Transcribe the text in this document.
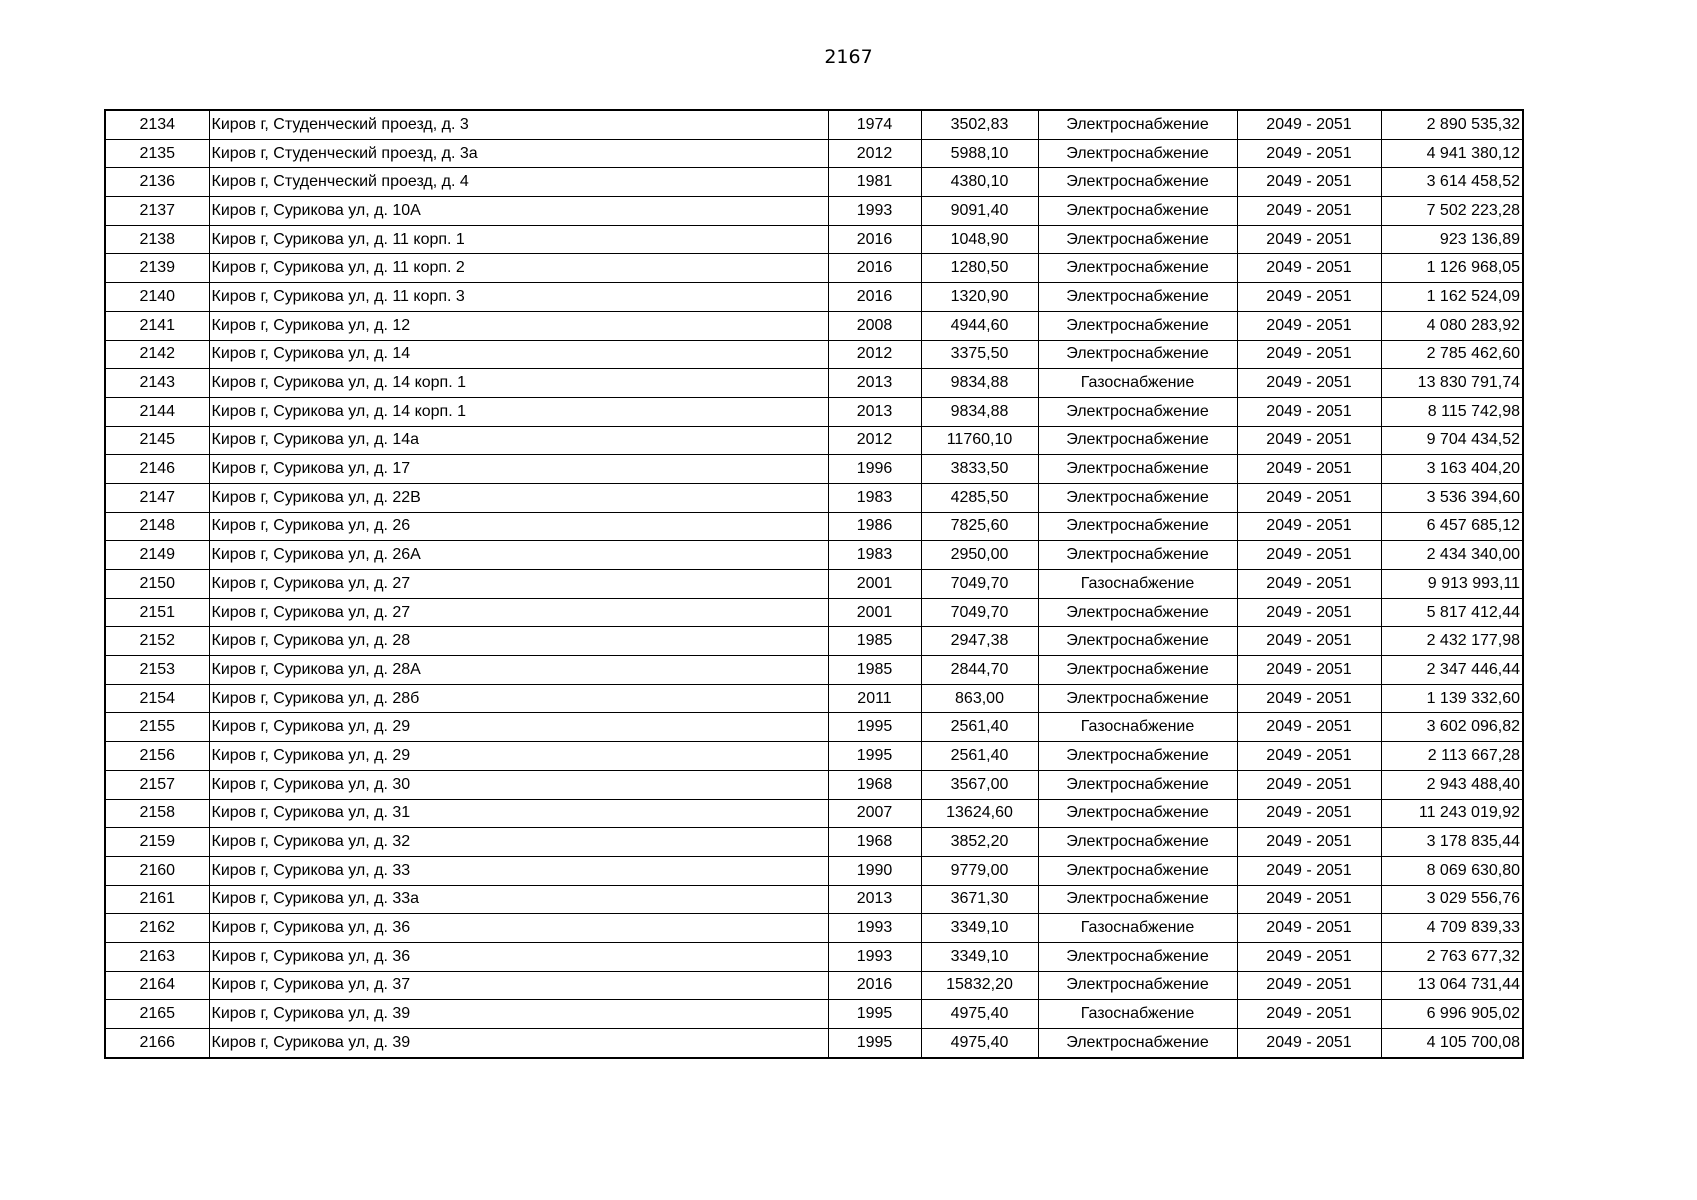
2167
2134	Киров г, Студенческий проезд, д. 3	1974	3502,83	Электроснабжение	2049 - 2051	2 890 535,32
2135	Киров г, Студенческий проезд, д. 3а	2012	5988,10	Электроснабжение	2049 - 2051	4 941 380,12
2136	Киров г, Студенческий проезд, д. 4	1981	4380,10	Электроснабжение	2049 - 2051	3 614 458,52
2137	Киров г, Сурикова ул, д. 10А	1993	9091,40	Электроснабжение	2049 - 2051	7 502 223,28
2138	Киров г, Сурикова ул, д. 11 корп. 1	2016	1048,90	Электроснабжение	2049 - 2051	923 136,89
2139	Киров г, Сурикова ул, д. 11 корп. 2	2016	1280,50	Электроснабжение	2049 - 2051	1 126 968,05
2140	Киров г, Сурикова ул, д. 11 корп. 3	2016	1320,90	Электроснабжение	2049 - 2051	1 162 524,09
2141	Киров г, Сурикова ул, д. 12	2008	4944,60	Электроснабжение	2049 - 2051	4 080 283,92
2142	Киров г, Сурикова ул, д. 14	2012	3375,50	Электроснабжение	2049 - 2051	2 785 462,60
2143	Киров г, Сурикова ул, д. 14 корп. 1	2013	9834,88	Газоснабжение	2049 - 2051	13 830 791,74
2144	Киров г, Сурикова ул, д. 14 корп. 1	2013	9834,88	Электроснабжение	2049 - 2051	8 115 742,98
2145	Киров г, Сурикова ул, д. 14а	2012	11760,10	Электроснабжение	2049 - 2051	9 704 434,52
2146	Киров г, Сурикова ул, д. 17	1996	3833,50	Электроснабжение	2049 - 2051	3 163 404,20
2147	Киров г, Сурикова ул, д. 22В	1983	4285,50	Электроснабжение	2049 - 2051	3 536 394,60
2148	Киров г, Сурикова ул, д. 26	1986	7825,60	Электроснабжение	2049 - 2051	6 457 685,12
2149	Киров г, Сурикова ул, д. 26А	1983	2950,00	Электроснабжение	2049 - 2051	2 434 340,00
2150	Киров г, Сурикова ул, д. 27	2001	7049,70	Газоснабжение	2049 - 2051	9 913 993,11
2151	Киров г, Сурикова ул, д. 27	2001	7049,70	Электроснабжение	2049 - 2051	5 817 412,44
2152	Киров г, Сурикова ул, д. 28	1985	2947,38	Электроснабжение	2049 - 2051	2 432 177,98
2153	Киров г, Сурикова ул, д. 28А	1985	2844,70	Электроснабжение	2049 - 2051	2 347 446,44
2154	Киров г, Сурикова ул, д. 28б	2011	863,00	Электроснабжение	2049 - 2051	1 139 332,60
2155	Киров г, Сурикова ул, д. 29	1995	2561,40	Газоснабжение	2049 - 2051	3 602 096,82
2156	Киров г, Сурикова ул, д. 29	1995	2561,40	Электроснабжение	2049 - 2051	2 113 667,28
2157	Киров г, Сурикова ул, д. 30	1968	3567,00	Электроснабжение	2049 - 2051	2 943 488,40
2158	Киров г, Сурикова ул, д. 31	2007	13624,60	Электроснабжение	2049 - 2051	11 243 019,92
2159	Киров г, Сурикова ул, д. 32	1968	3852,20	Электроснабжение	2049 - 2051	3 178 835,44
2160	Киров г, Сурикова ул, д. 33	1990	9779,00	Электроснабжение	2049 - 2051	8 069 630,80
2161	Киров г, Сурикова ул, д. 33а	2013	3671,30	Электроснабжение	2049 - 2051	3 029 556,76
2162	Киров г, Сурикова ул, д. 36	1993	3349,10	Газоснабжение	2049 - 2051	4 709 839,33
2163	Киров г, Сурикова ул, д. 36	1993	3349,10	Электроснабжение	2049 - 2051	2 763 677,32
2164	Киров г, Сурикова ул, д. 37	2016	15832,20	Электроснабжение	2049 - 2051	13 064 731,44
2165	Киров г, Сурикова ул, д. 39	1995	4975,40	Газоснабжение	2049 - 2051	6 996 905,02
2166	Киров г, Сурикова ул, д. 39	1995	4975,40	Электроснабжение	2049 - 2051	4 105 700,08
